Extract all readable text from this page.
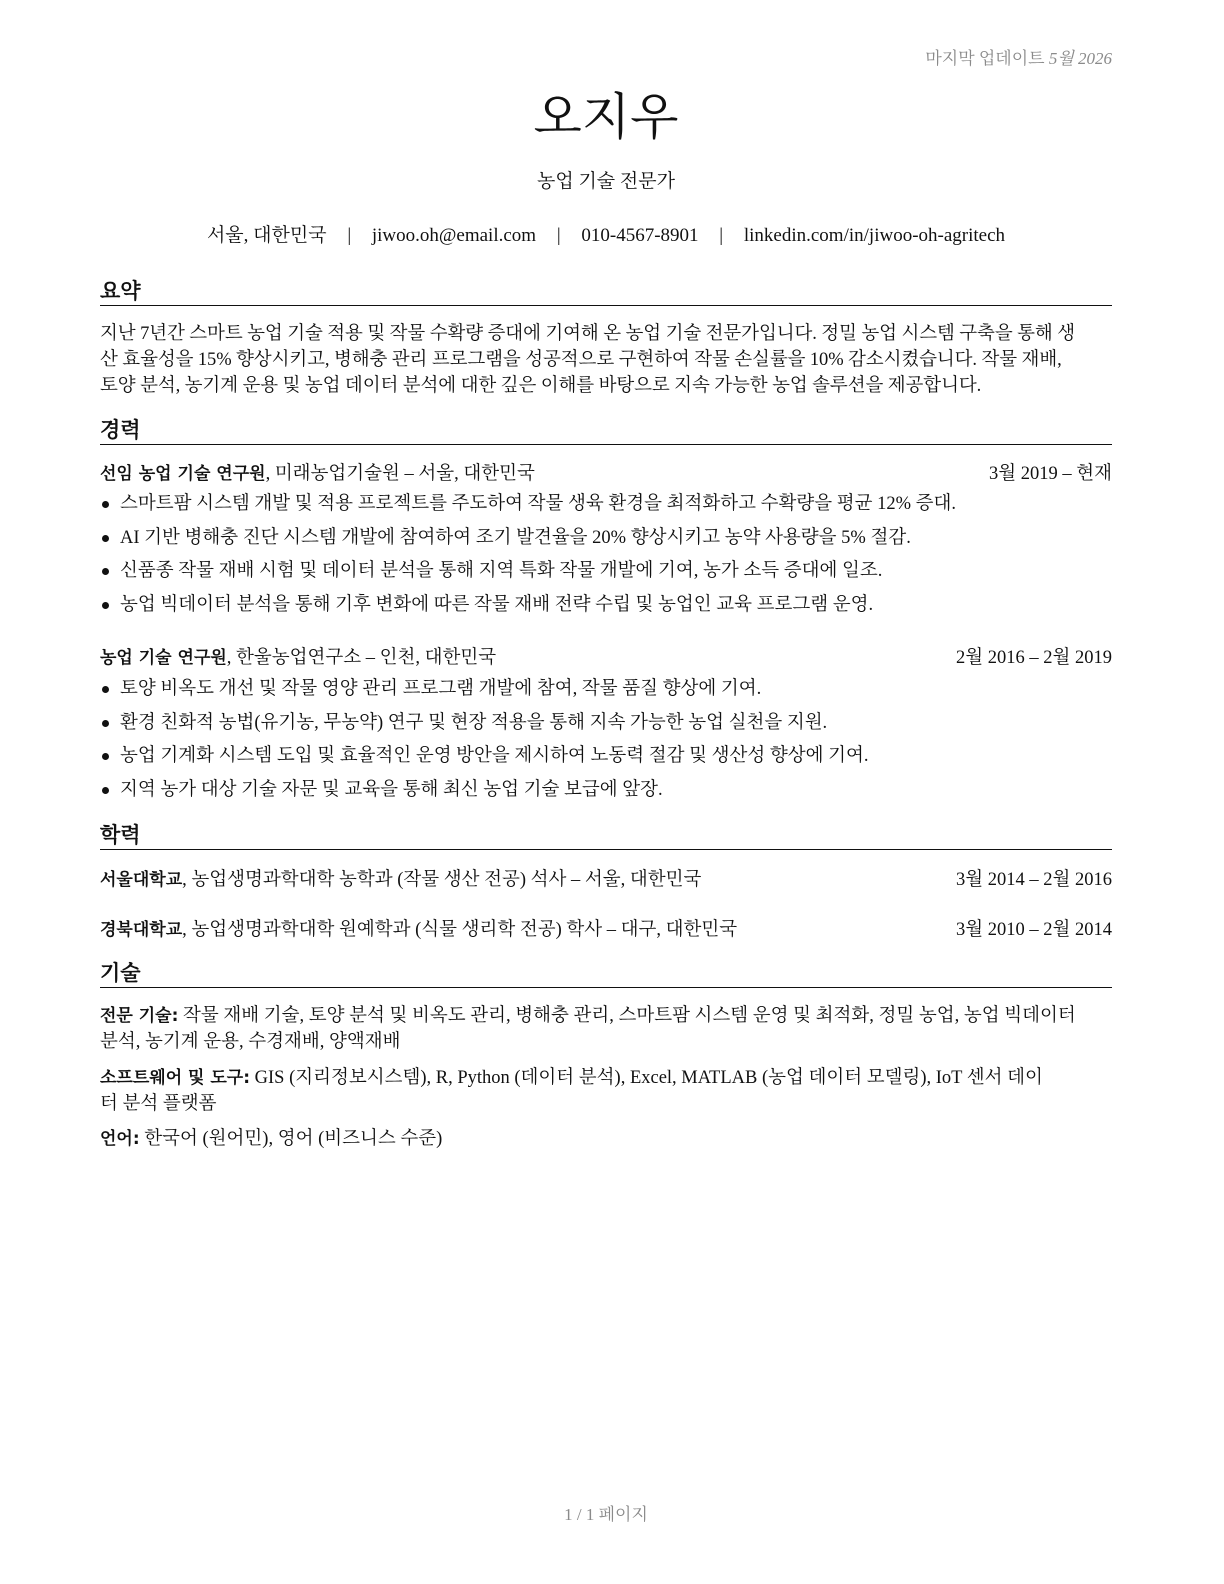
마지막 업데이트 5월 2026
오지우
농업 기술 전문가
서울, 대한민국 | jiwoo.oh@email.com | 010-4567-8901 | linkedin.com/in/jiwoo-oh-agritech
요약
지난 7년간 스마트 농업 기술 적용 및 작물 수확량 증대에 기여해 온 농업 기술 전문가입니다. 정밀 농업 시스템 구축을 통해 생
산 효율성을 15% 향상시키고, 병해충 관리 프로그램을 성공적으로 구현하여 작물 손실률을 10% 감소시켰습니다. 작물 재배,
토양 분석, 농기계 운용 및 농업 데이터 분석에 대한 깊은 이해를 바탕으로 지속 가능한 농업 솔루션을 제공합니다.
경력
선임 농업 기술 연구원, 미래농업기술원 – 서울, 대한민국	3월 2019 – 현재
스마트팜 시스템 개발 및 적용 프로젝트를 주도하여 작물 생육 환경을 최적화하고 수확량을 평균 12% 증대.
AI 기반 병해충 진단 시스템 개발에 참여하여 조기 발견율을 20% 향상시키고 농약 사용량을 5% 절감.
신품종 작물 재배 시험 및 데이터 분석을 통해 지역 특화 작물 개발에 기여, 농가 소득 증대에 일조.
농업 빅데이터 분석을 통해 기후 변화에 따른 작물 재배 전략 수립 및 농업인 교육 프로그램 운영.
농업 기술 연구원, 한울농업연구소 – 인천, 대한민국	2월 2016 – 2월 2019
토양 비옥도 개선 및 작물 영양 관리 프로그램 개발에 참여, 작물 품질 향상에 기여.
환경 친화적 농법(유기농, 무농약) 연구 및 현장 적용을 통해 지속 가능한 농업 실천을 지원.
농업 기계화 시스템 도입 및 효율적인 운영 방안을 제시하여 노동력 절감 및 생산성 향상에 기여.
지역 농가 대상 기술 자문 및 교육을 통해 최신 농업 기술 보급에 앞장.
학력
서울대학교, 농업생명과학대학 농학과 (작물 생산 전공) 석사 – 서울, 대한민국	3월 2014 – 2월 2016
경북대학교, 농업생명과학대학 원예학과 (식물 생리학 전공) 학사 – 대구, 대한민국	3월 2010 – 2월 2014
기술
전문 기술: 작물 재배 기술, 토양 분석 및 비옥도 관리, 병해충 관리, 스마트팜 시스템 운영 및 최적화, 정밀 농업, 농업 빅데이터
분석, 농기계 운용, 수경재배, 양액재배
소프트웨어 및 도구: GIS (지리정보시스템), R, Python (데이터 분석), Excel, MATLAB (농업 데이터 모델링), IoT 센서 데이
터 분석 플랫폼
언어: 한국어 (원어민), 영어 (비즈니스 수준)
1 / 1 페이지
